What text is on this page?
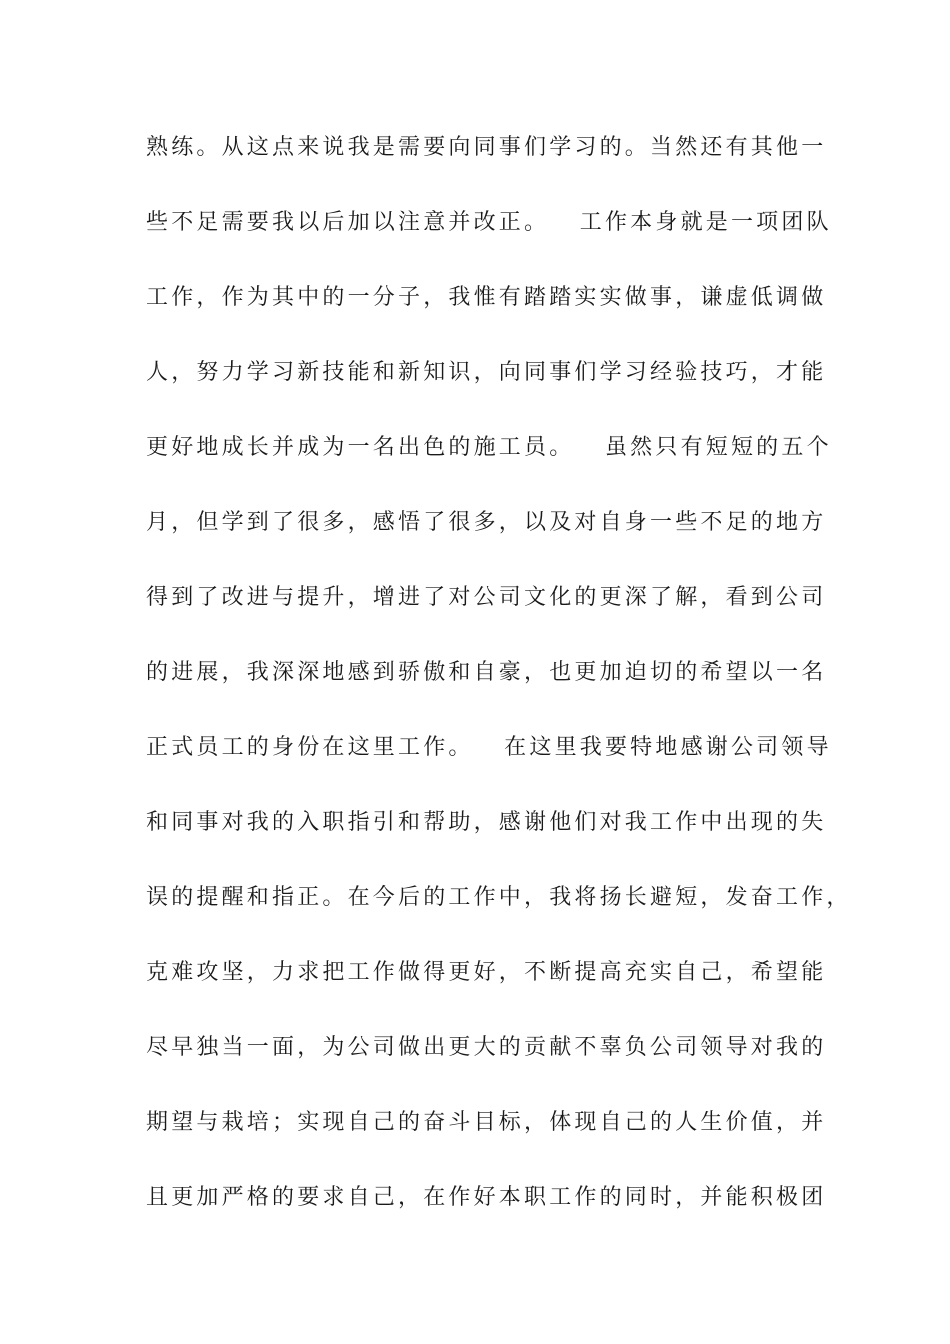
熟练。从这点来说我是需要向同事们学习的。当然还有其他一
些不足需要我以后加以注意并改正。   工作本身就是一项团队
工作，作为其中的一分子，我惟有踏踏实实做事，谦虚低调做
人，努力学习新技能和新知识，向同事们学习经验技巧，才能
更好地成长并成为一名出色的施工员。   虽然只有短短的五个
月，但学到了很多，感悟了很多，以及对自身一些不足的地方
得到了改进与提升，增进了对公司文化的更深了解，看到公司
的进展，我深深地感到骄傲和自豪，也更加迫切的希望以一名
正式员工的身份在这里工作。   在这里我要特地感谢公司领导
和同事对我的入职指引和帮助，感谢他们对我工作中出现的失
误的提醒和指正。在今后的工作中，我将扬长避短，发奋工作，
克难攻坚，力求把工作做得更好，不断提高充实自己，希望能
尽早独当一面，为公司做出更大的贡献不辜负公司领导对我的
期望与栽培；实现自己的奋斗目标，体现自己的人生价值，并
且更加严格的要求自己，在作好本职工作的同时，并能积极团
